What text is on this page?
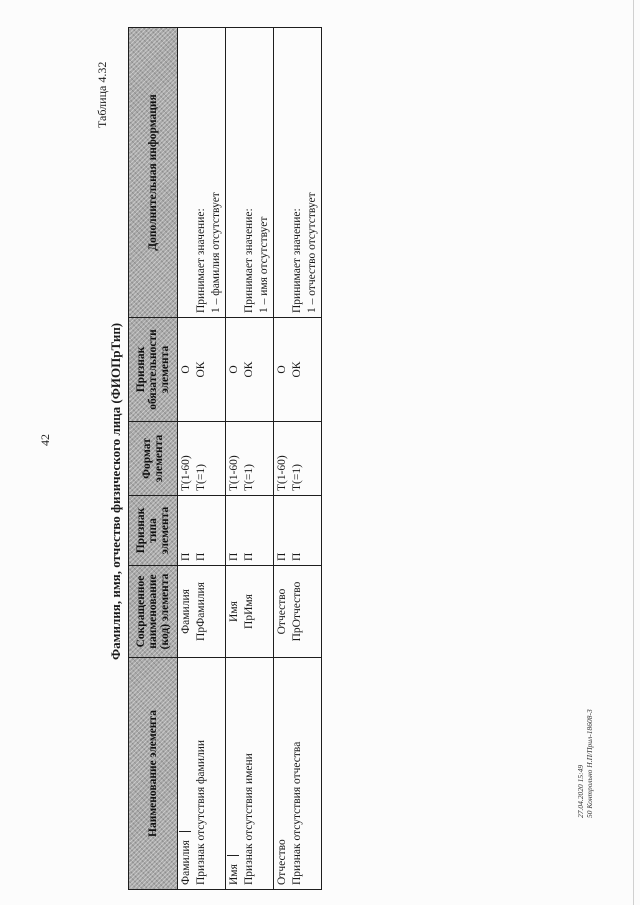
42
Таблица 4.32
Фамилия, имя, отчество физического лица (ФИОПрТип)
Наименование элемента	Сокращенное наименование (код) элемента	Признак типа элемента	Формат элемента	Признак обязательности элемента	Дополнительная информация

Фамилия Признак отсутствия фамилии	Фамилия ПрФамилия	П П	Т(1-60) Т(=1)	О ОК	Принимает значение: 1 – фамилия отсутствует

Имя Признак отсутствия имени	Имя ПрИмя	П П	Т(1-60) Т(=1)	О ОК	Принимает значение: 1 – имя отсутствует

Отчество Признак отсутствия отчества	Отчество ПрОтчество	П П	Т(1-60) Т(=1)	О ОК	Принимает значение: 1 – отчество отсутствует
27.04.2020 15:49 50 Контрольно Н.П/Прил-18608-3
